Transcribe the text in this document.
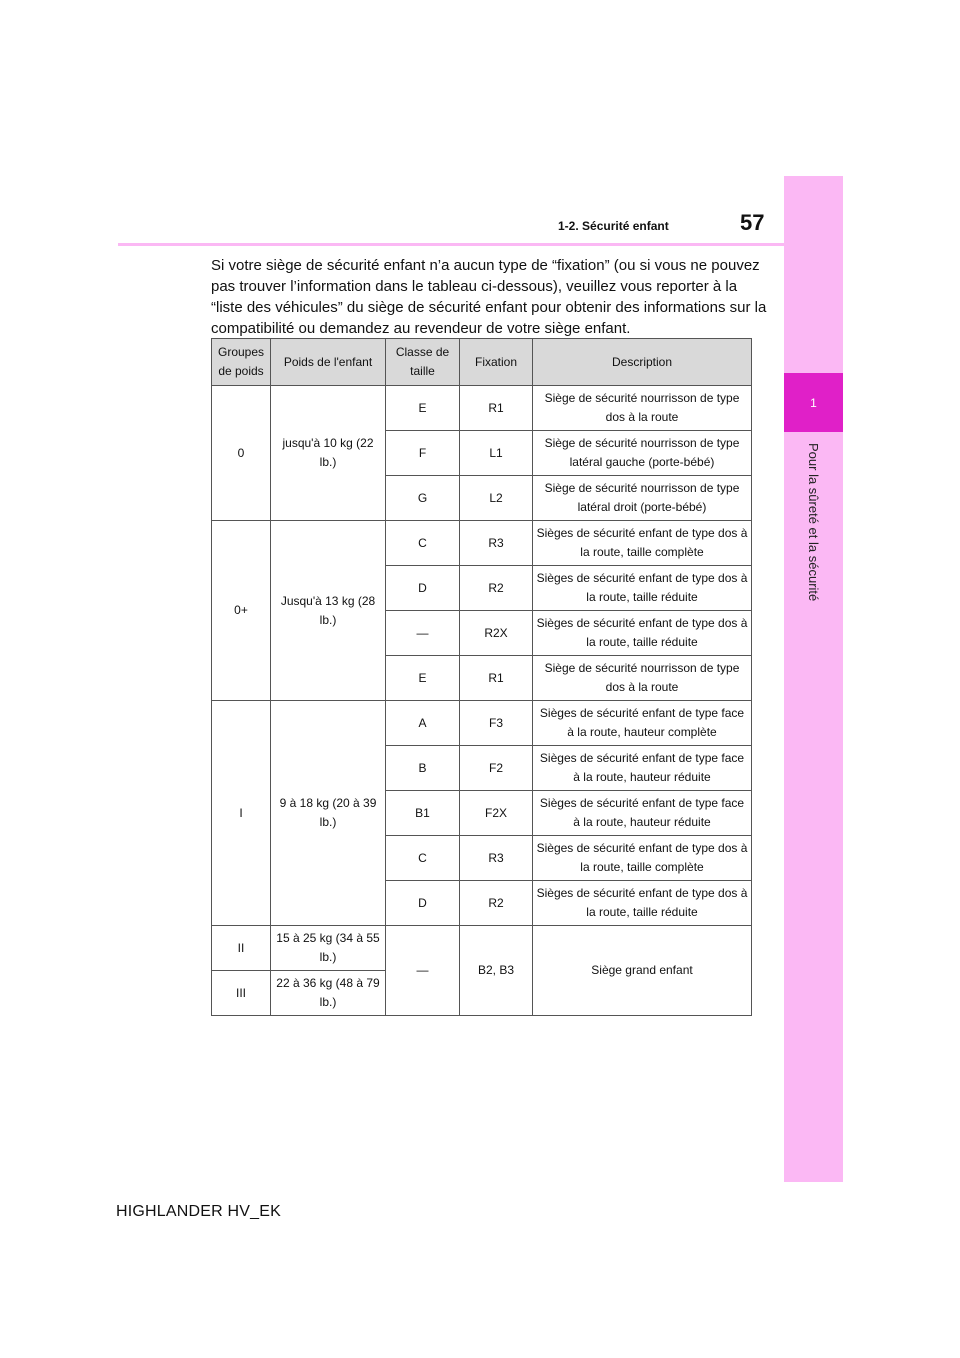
1
Pour la sûreté et la sécurité
1-2. Sécurité enfant	57

Si votre siège de sécurité enfant n’a aucun type de “fixation” (ou si vous ne pouvez pas trouver l’information dans le tableau ci-dessous), veuillez vous reporter à la “liste des véhicules” du siège de sécurité enfant pour obtenir des informations sur la compatibilité ou demandez au revendeur de votre siège enfant.

Groupes de poids	Poids de l'enfant	Classe de taille	Fixation	Description
0	jusqu'à 10 kg (22 lb.)	E	R1	Siège de sécurité nourrisson de type dos à la route
		F	L1	Siège de sécurité nourrisson de type latéral gauche (porte-bébé)
		G	L2	Siège de sécurité nourrisson de type latéral droit (porte-bébé)
0+	Jusqu'à 13 kg (28 lb.)	C	R3	Sièges de sécurité enfant de type dos à la route, taille complète
		D	R2	Sièges de sécurité enfant de type dos à la route, taille réduite
		—	R2X	Sièges de sécurité enfant de type dos à la route, taille réduite
		E	R1	Siège de sécurité nourrisson de type dos à la route
I	9 à 18 kg (20 à 39 lb.)	A	F3	Sièges de sécurité enfant de type face à la route, hauteur complète
		B	F2	Sièges de sécurité enfant de type face à la route, hauteur réduite
		B1	F2X	Sièges de sécurité enfant de type face à la route, hauteur réduite
		C	R3	Sièges de sécurité enfant de type dos à la route, taille complète
		D	R2	Sièges de sécurité enfant de type dos à la route, taille réduite
II	15 à 25 kg (34 à 55 lb.)	—	B2, B3	Siège grand enfant
III	22 à 36 kg (48 à 79 lb.)			
HIGHLANDER HV_EK
